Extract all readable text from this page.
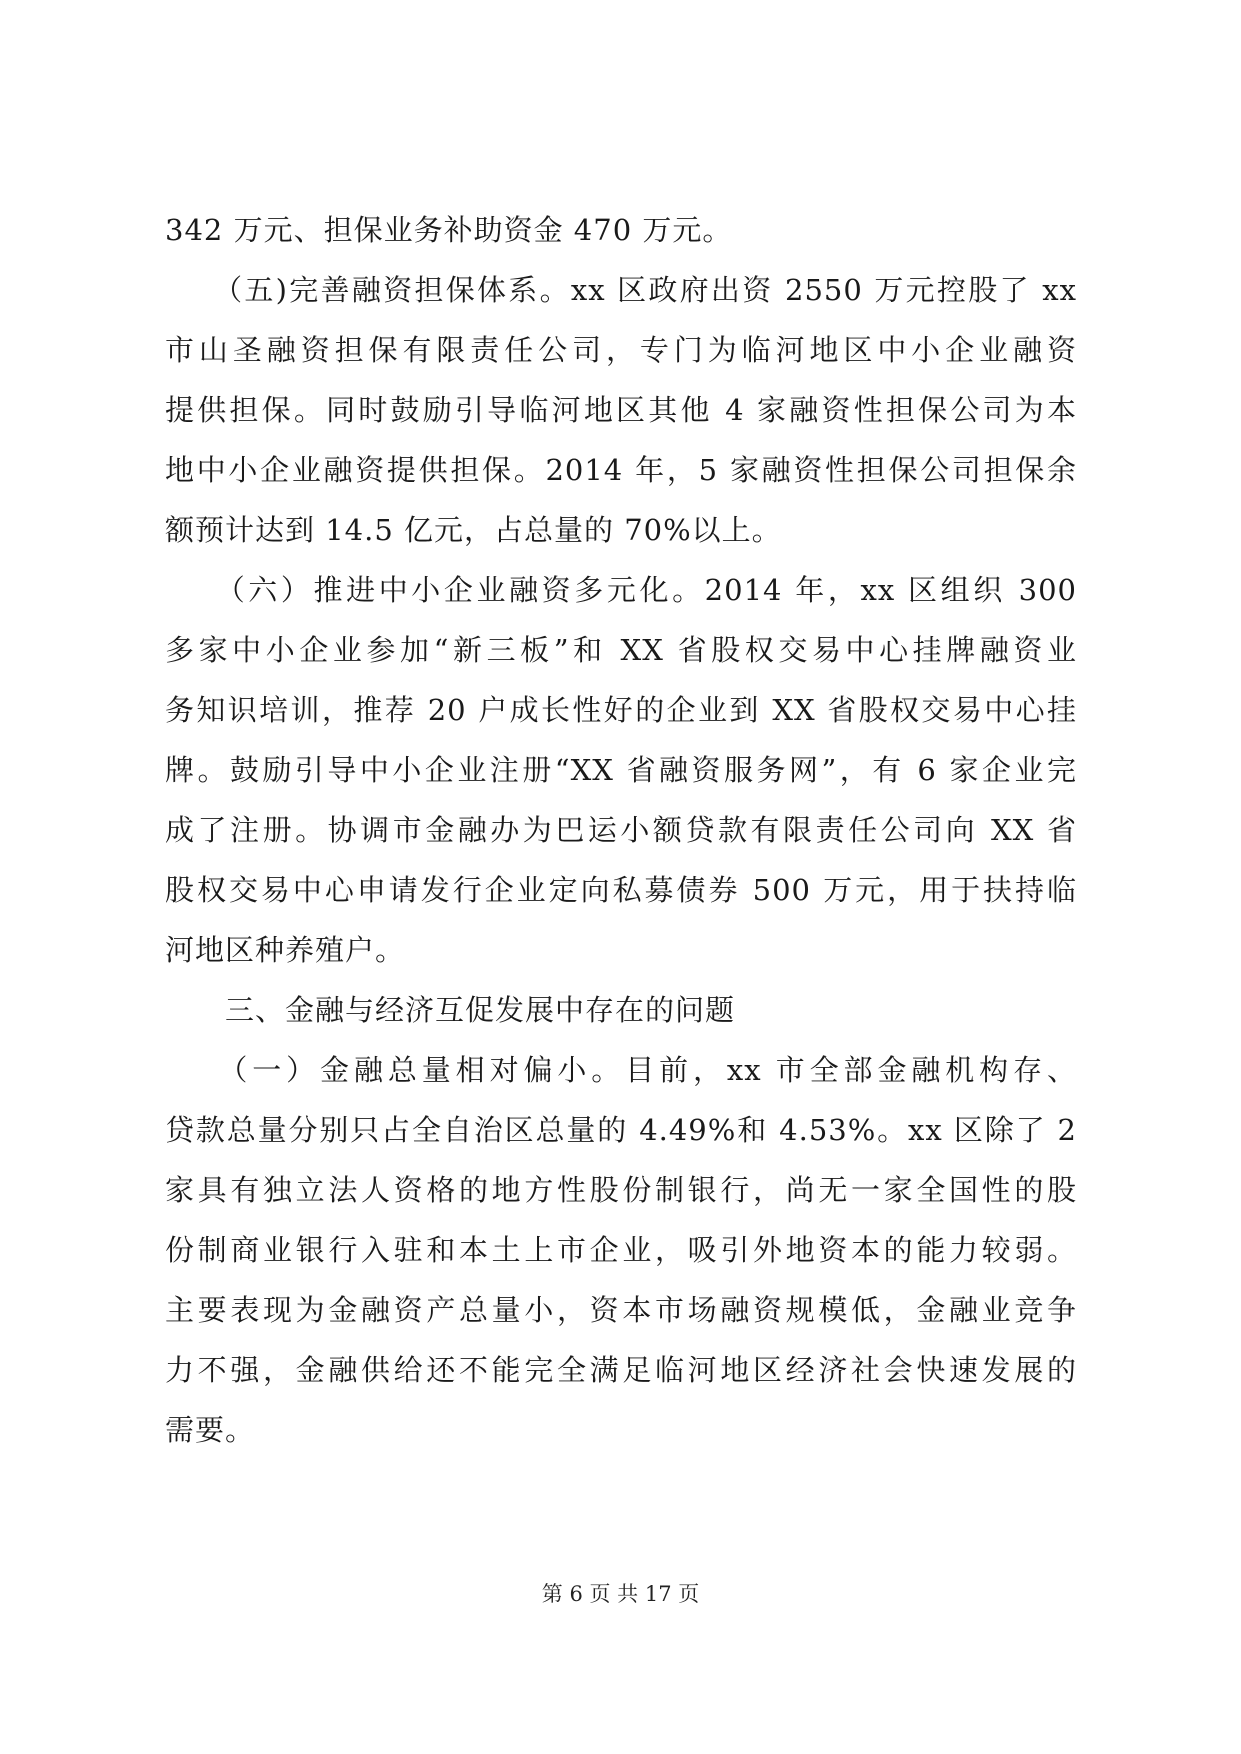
342 万元、担保业务补助资金 470 万元。
　　（五)完善融资担保体系。xx 区政府出资 2550 万元控股了 xx
市山圣融资担保有限责任公司，专门为临河地区中小企业融资
提供担保。同时鼓励引导临河地区其他 4 家融资性担保公司为本
地中小企业融资提供担保。2014 年，5 家融资性担保公司担保余
额预计达到 14.5 亿元，占总量的 70%以上。
　　（六）推进中小企业融资多元化。2014 年，xx 区组织 300
多家中小企业参加“新三板”和 XX 省股权交易中心挂牌融资业
务知识培训，推荐 20 户成长性好的企业到 XX 省股权交易中心挂
牌。鼓励引导中小企业注册“XX 省融资服务网”，有 6 家企业完
成了注册。协调市金融办为巴运小额贷款有限责任公司向 XX 省
股权交易中心申请发行企业定向私募债券 500 万元，用于扶持临
河地区种养殖户。
　　三、金融与经济互促发展中存在的问题
　　（一）金融总量相对偏小。目前，xx 市全部金融机构存、
贷款总量分别只占全自治区总量的 4.49%和 4.53%。xx 区除了 2
家具有独立法人资格的地方性股份制银行，尚无一家全国性的股
份制商业银行入驻和本土上市企业，吸引外地资本的能力较弱。
主要表现为金融资产总量小，资本市场融资规模低，金融业竞争
力不强，金融供给还不能完全满足临河地区经济社会快速发展的
需要。
第 6 页 共 17 页
